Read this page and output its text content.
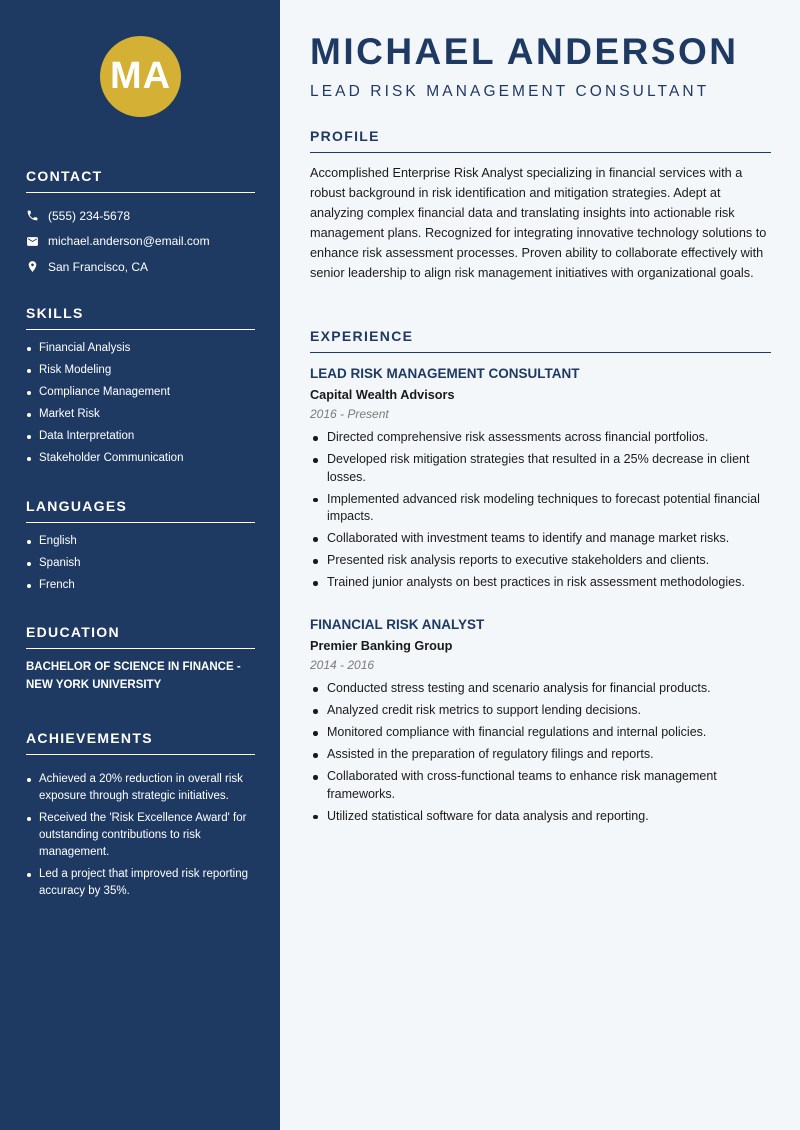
MA
CONTACT
(555) 234-5678
michael.anderson@email.com
San Francisco, CA
SKILLS
Financial Analysis
Risk Modeling
Compliance Management
Market Risk
Data Interpretation
Stakeholder Communication
LANGUAGES
English
Spanish
French
EDUCATION
BACHELOR OF SCIENCE IN FINANCE - NEW YORK UNIVERSITY
ACHIEVEMENTS
Achieved a 20% reduction in overall risk exposure through strategic initiatives.
Received the 'Risk Excellence Award' for outstanding contributions to risk management.
Led a project that improved risk reporting accuracy by 35%.
MICHAEL ANDERSON
LEAD RISK MANAGEMENT CONSULTANT
PROFILE

Accomplished Enterprise Risk Analyst specializing in financial services with a robust background in risk identification and mitigation strategies. Adept at analyzing complex financial data and translating insights into actionable risk management plans. Recognized for integrating innovative technology solutions to enhance risk assessment processes. Proven ability to collaborate effectively with senior leadership to align risk management initiatives with organizational goals.

EXPERIENCE
LEAD RISK MANAGEMENT CONSULTANT
Capital Wealth Advisors
2016 - Present
Directed comprehensive risk assessments across financial portfolios.
Developed risk mitigation strategies that resulted in a 25% decrease in client losses.
Implemented advanced risk modeling techniques to forecast potential financial impacts.
Collaborated with investment teams to identify and manage market risks.
Presented risk analysis reports to executive stakeholders and clients.
Trained junior analysts on best practices in risk assessment methodologies.
FINANCIAL RISK ANALYST
Premier Banking Group
2014 - 2016
Conducted stress testing and scenario analysis for financial products.
Analyzed credit risk metrics to support lending decisions.
Monitored compliance with financial regulations and internal policies.
Assisted in the preparation of regulatory filings and reports.
Collaborated with cross-functional teams to enhance risk management frameworks.
Utilized statistical software for data analysis and reporting.
